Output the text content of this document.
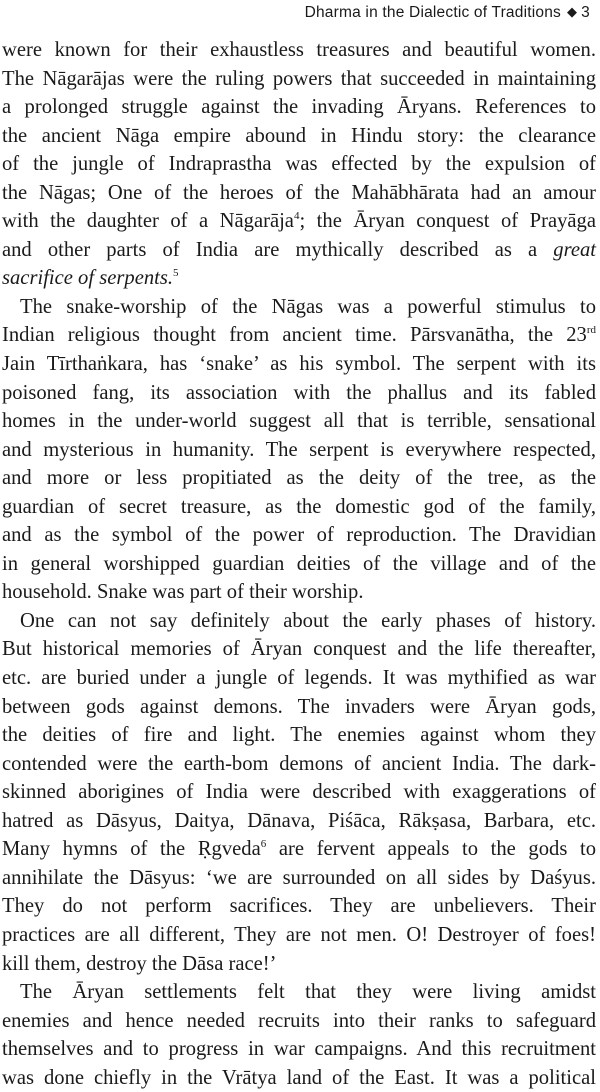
Dharma in the Dialectic of Traditions ◆ 3
were known for their exhaustless treasures and beautiful women.
The Nāgarājas were the ruling powers that succeeded in maintaining
a prolonged struggle against the invading Āryans. References to
the ancient Nāga empire abound in Hindu story: the clearance
of the jungle of Indraprastha was effected by the expulsion of
the Nāgas; One of the heroes of the Mahābhārata had an amour
with the daughter of a Nāgarāja$^4$; the Āryan conquest of Prayāga
and other parts of India are mythically described as a great
sacrifice of serpents.$^5$
The snake-worship of the Nāgas was a powerful stimulus to
Indian religious thought from ancient time. Pārsvanātha, the 23rd
Jain Tīrthaṅkara, has ‘snake’ as his symbol. The serpent with its
poisoned fang, its association with the phallus and its fabled
homes in the under-world suggest all that is terrible, sensational
and mysterious in humanity. The serpent is everywhere respected,
and more or less propitiated as the deity of the tree, as the
guardian of secret treasure, as the domestic god of the family,
and as the symbol of the power of reproduction. The Dravidian
in general worshipped guardian deities of the village and of the
household. Snake was part of their worship.
One can not say definitely about the early phases of history.
But historical memories of Āryan conquest and the life thereafter,
etc. are buried under a jungle of legends. It was mythified as war
between gods against demons. The invaders were Āryan gods,
the deities of fire and light. The enemies against whom they
contended were the earth-bom demons of ancient India. The dark-
skinned aborigines of India were described with exaggerations of
hatred as Dāsyus, Daitya, Dānava, Piśāca, Rākṣasa, Barbara, etc.
Many hymns of the Ṛgveda$^6$ are fervent appeals to the gods to
annihilate the Dāsyus: ‘we are surrounded on all sides by Daśyus.
They do not perform sacrifices. They are unbelievers. Their
practices are all different, They are not men. O! Destroyer of foes!
kill them, destroy the Dāsa race!’
The Āryan settlements felt that they were living amidst
enemies and hence needed recruits into their ranks to safeguard
themselves and to progress in war campaigns. And this recruitment
was done chiefly in the Vrātya land of the East. It was a political
